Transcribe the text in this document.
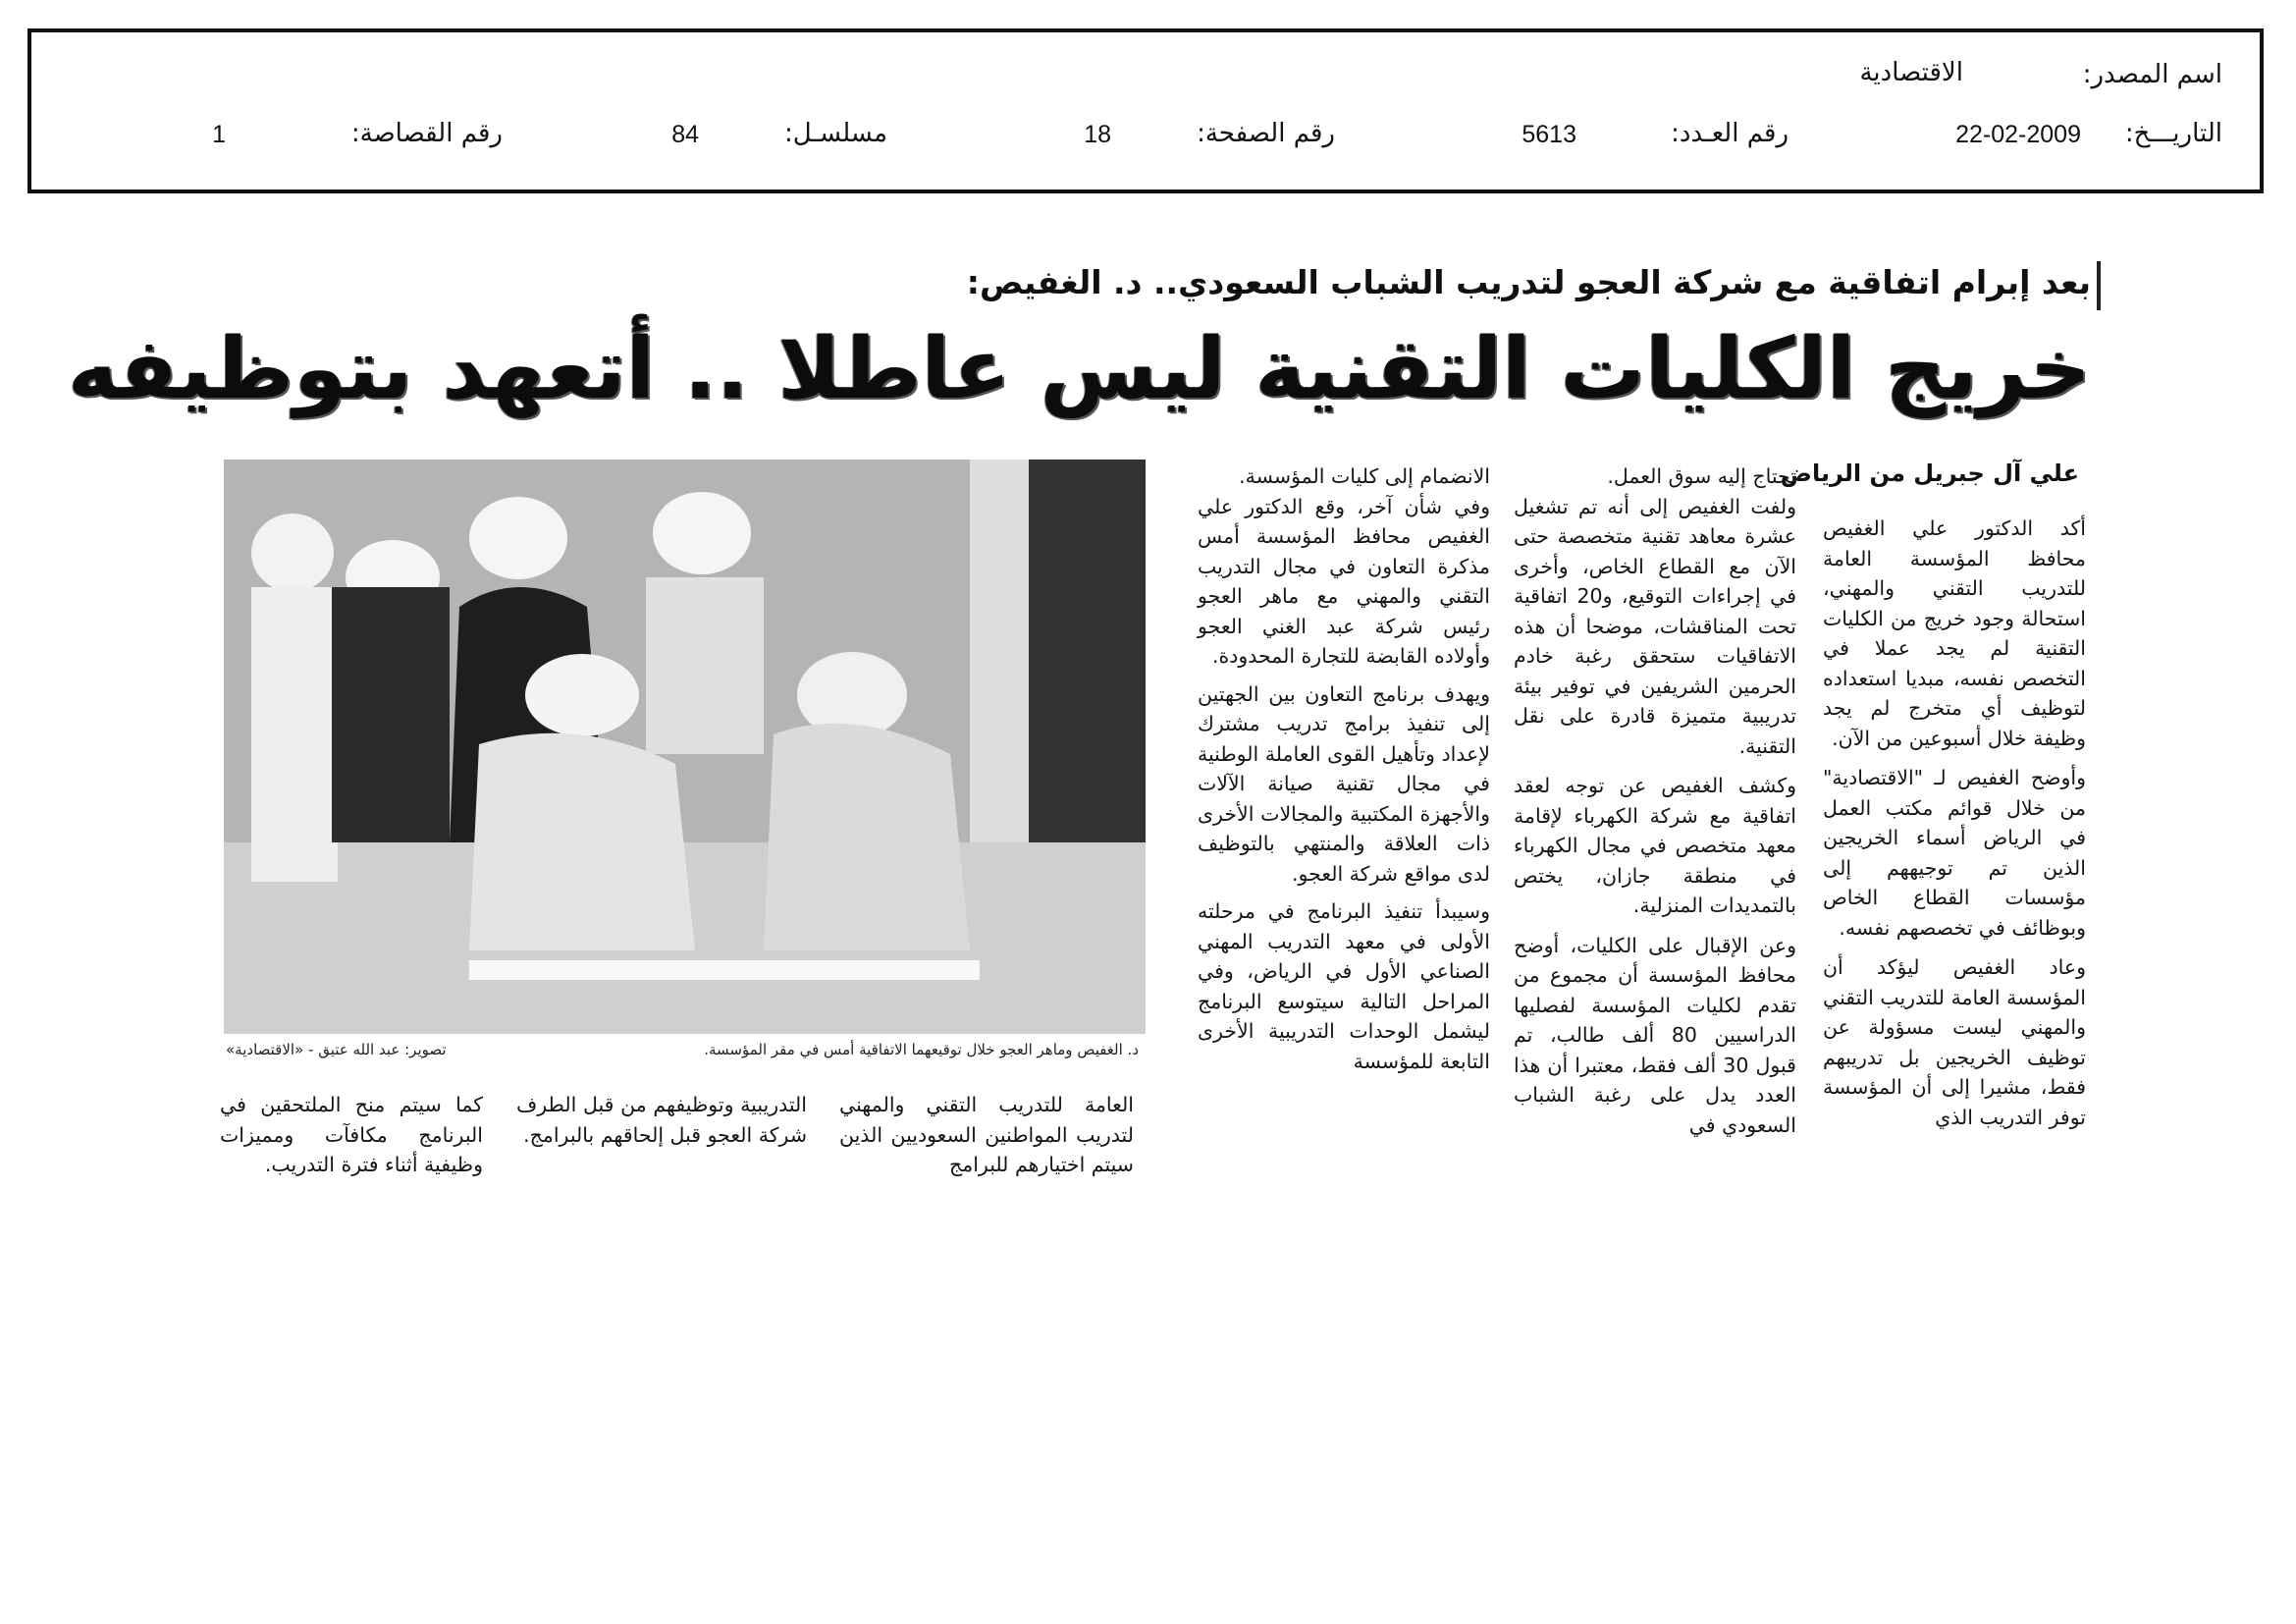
اسم المصدر:
الاقتصادية
التاريـــخ:
22-02-2009
رقم العـدد:
5613
رقم الصفحة:
18
مسلسـل:
84
رقم القصاصة:
1
بعد إبرام اتفاقية مع شركة العجو لتدريب الشباب السعودي.. د. الغفيص:
خريج الكليات التقنية ليس عاطلا .. أتعهد بتوظيفه
علي آل جبريل من الرياض

أكد الدكتور علي الغفيص محافظ المؤسسة العامة للتدريب التقني والمهني، استحالة وجود خريج من الكليات التقنية لم يجد عملا في التخصص نفسه، مبديا استعداده لتوظيف أي متخرج لم يجد وظيفة خلال أسبوعين من الآن.

وأوضح الغفيص لـ "الاقتصادية" من خلال قوائم مكتب العمل في الرياض أسماء الخريجين الذين تم توجيههم إلى مؤسسات القطاع الخاص وبوظائف في تخصصهم نفسه.

وعاد الغفيص ليؤكد أن المؤسسة العامة للتدريب التقني والمهني ليست مسؤولة عن توظيف الخريجين بل تدريبهم فقط، مشيرا إلى أن المؤسسة توفر التدريب الذي

تحتاج إليه سوق العمل.

ولفت الغفيص إلى أنه تم تشغيل عشرة معاهد تقنية متخصصة حتى الآن مع القطاع الخاص، وأخرى في إجراءات التوقيع، و20 اتفاقية تحت المناقشات، موضحا أن هذه الاتفاقيات ستحقق رغبة خادم الحرمين الشريفين في توفير بيئة تدريبية متميزة قادرة على نقل التقنية.

وكشف الغفيص عن توجه لعقد اتفاقية مع شركة الكهرباء لإقامة معهد متخصص في مجال الكهرباء في منطقة جازان، يختص بالتمديدات المنزلية.

وعن الإقبال على الكليات، أوضح محافظ المؤسسة أن مجموع من تقدم لكليات المؤسسة لفصليها الدراسيين 80 ألف طالب، تم قبول 30 ألف فقط، معتبرا أن هذا العدد يدل على رغبة الشباب السعودي في

الانضمام إلى كليات المؤسسة.

وفي شأن آخر، وقع الدكتور علي الغفيص محافظ المؤسسة أمس مذكرة التعاون في مجال التدريب التقني والمهني مع ماهر العجو رئيس شركة عبد الغني العجو وأولاده القابضة للتجارة المحدودة.

ويهدف برنامج التعاون بين الجهتين إلى تنفيذ برامج تدريب مشترك لإعداد وتأهيل القوى العاملة الوطنية في مجال تقنية صيانة الآلات والأجهزة المكتبية والمجالات الأخرى ذات العلاقة والمنتهي بالتوظيف لدى مواقع شركة العجو.

وسيبدأ تنفيذ البرنامج في مرحلته الأولى في معهد التدريب المهني الصناعي الأول في الرياض، وفي المراحل التالية سيتوسع البرنامج ليشمل الوحدات التدريبية الأخرى التابعة للمؤسسة

د. الغفيص وماهر العجو خلال توقيعهما الاتفاقية أمس في مقر المؤسسة.
تصوير: عبد الله عتيق - «الاقتصادية»

العامة للتدريب التقني والمهني لتدريب المواطنين السعوديين الذين سيتم اختيارهم للبرامج

التدريبية وتوظيفهم من قبل الطرف شركة العجو قبل إلحاقهم بالبرامج.

كما سيتم منح الملتحقين في البرنامج مكافآت ومميزات وظيفية أثناء فترة التدريب.
